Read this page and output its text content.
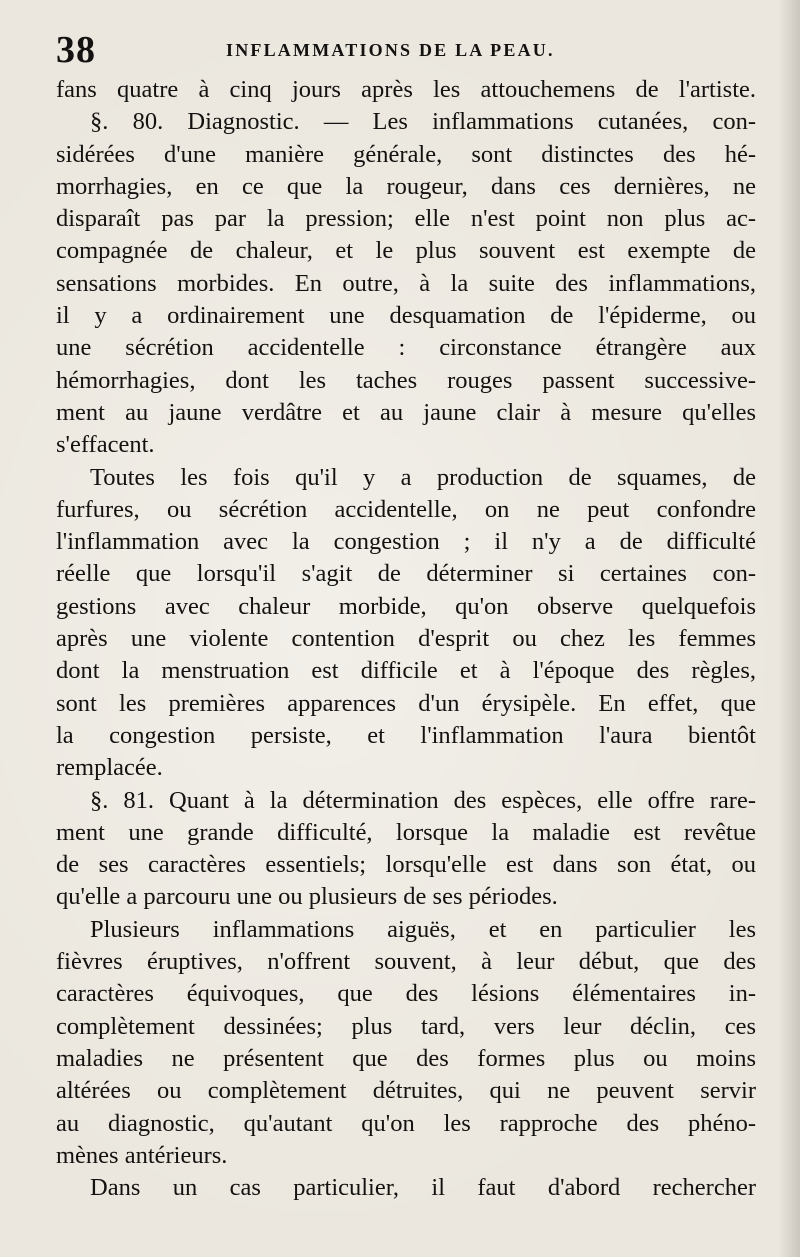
38	INFLAMMATIONS DE LA PEAU.
fans quatre à cinq jours après les attouchemens de l'artiste.
§. 80. Diagnostic. — Les inflammations cutanées, con-
sidérées d'une manière générale, sont distinctes des hé-
morrhagies, en ce que la rougeur, dans ces dernières, ne
disparaît pas par la pression; elle n'est point non plus ac-
compagnée de chaleur, et le plus souvent est exempte de
sensations morbides. En outre, à la suite des inflammations,
il y a ordinairement une desquamation de l'épiderme, ou
une sécrétion accidentelle : circonstance étrangère aux
hémorrhagies, dont les taches rouges passent successive-
ment au jaune verdâtre et au jaune clair à mesure qu'elles
s'effacent.
Toutes les fois qu'il y a production de squames, de
furfures, ou sécrétion accidentelle, on ne peut confondre
l'inflammation avec la congestion ; il n'y a de difficulté
réelle que lorsqu'il s'agit de déterminer si certaines con-
gestions avec chaleur morbide, qu'on observe quelquefois
après une violente contention d'esprit ou chez les femmes
dont la menstruation est difficile et à l'époque des règles,
sont les premières apparences d'un érysipèle. En effet, que
la congestion persiste, et l'inflammation l'aura bientôt
remplacée.
§. 81. Quant à la détermination des espèces, elle offre rare-
ment une grande difficulté, lorsque la maladie est revêtue
de ses caractères essentiels; lorsqu'elle est dans son état, ou
qu'elle a parcouru une ou plusieurs de ses périodes.
Plusieurs inflammations aiguës, et en particulier les
fièvres éruptives, n'offrent souvent, à leur début, que des
caractères équivoques, que des lésions élémentaires in-
complètement dessinées; plus tard, vers leur déclin, ces
maladies ne présentent que des formes plus ou moins
altérées ou complètement détruites, qui ne peuvent servir
au diagnostic, qu'autant qu'on les rapproche des phéno-
mènes antérieurs.
Dans un cas particulier, il faut d'abord rechercher
